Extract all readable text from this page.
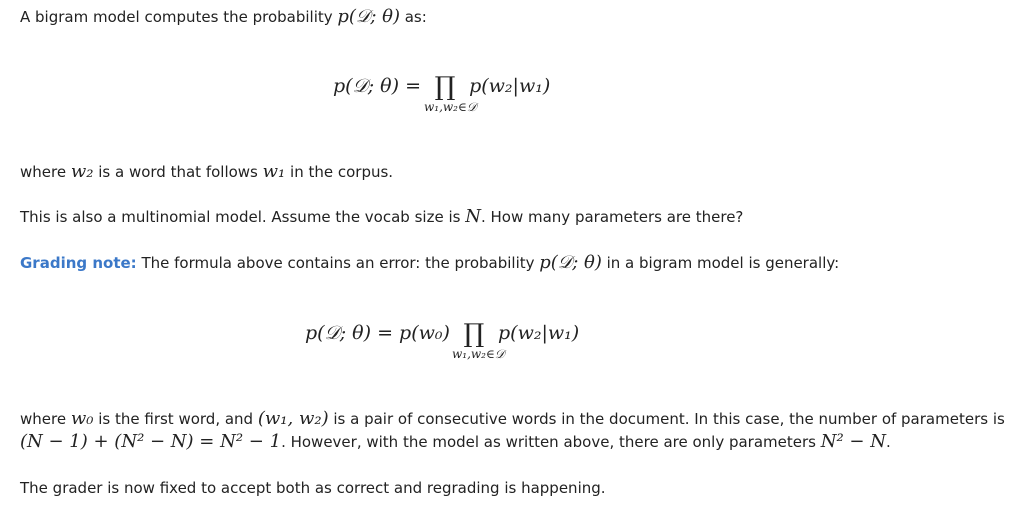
A bigram model computes the probability p(𝒟; θ) as:
p(𝒟; θ) = ∏ p(w₂|w₁)
w₁,w₂∈𝒟
where w₂ is a word that follows w₁ in the corpus.
This is also a multinomial model. Assume the vocab size is N. How many parameters are there?
Grading note: The formula above contains an error: the probability p(𝒟; θ) in a bigram model is generally:
p(𝒟; θ) = p(w₀) ∏ p(w₂|w₁)
w₁,w₂∈𝒟
where w₀ is the first word, and (w₁, w₂) is a pair of consecutive words in the document. In this case, the number of parameters is
(N − 1) + (N² − N) = N² − 1. However, with the model as written above, there are only parameters N² − N.
The grader is now fixed to accept both as correct and regrading is happening.
